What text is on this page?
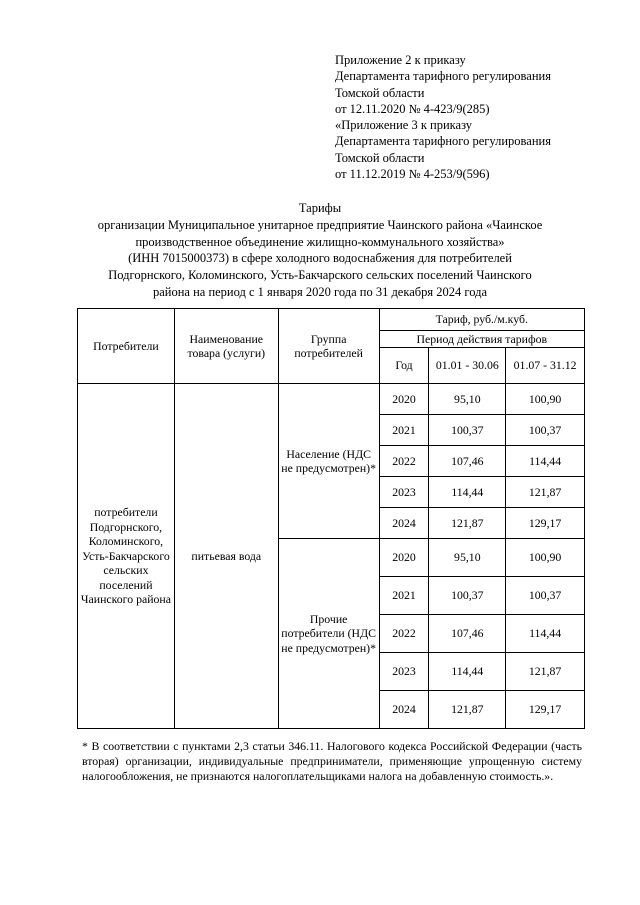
Приложение 2 к приказу
Департамента тарифного регулирования
Томской области
от 12.11.2020 № 4-423/9(285)
«Приложение 3 к приказу
Департамента тарифного регулирования
Томской области
от 11.12.2019 № 4-253/9(596)
Тарифы
организации Муниципальное унитарное предприятие Чаинского района «Чаинское
производственное объединение жилищно-коммунального хозяйства»
(ИНН 7015000373) в сфере холодного водоснабжения для потребителей
Подгорнского, Коломинского, Усть-Бакчарского сельских поселений Чаинского
района на период с 1 января 2020 года по 31 декабря 2024 года
Потребители	Наименование товара (услуги)	Группа потребителей	Тариф, руб./м.куб.		
			Период действия тарифов		
			Год	01.01 - 30.06	01.07 - 31.12
потребители Подгорнского, Коломинского, Усть-Бакчарского сельских поселений Чаинского района	питьевая вода	Население (НДС не предусмотрен)*	2020	95,10	100,90
			2021	100,37	100,37
			2022	107,46	114,44
			2023	114,44	121,87
			2024	121,87	129,17
		Прочие потребители (НДС не предусмотрен)*	2020	95,10	100,90
			2021	100,37	100,37
			2022	107,46	114,44
			2023	114,44	121,87
			2024	121,87	129,17
* В соответствии с пунктами 2,3 статьи 346.11. Налогового кодекса Российской Федерации (часть вторая) организации, индивидуальные предприниматели, применяющие упрощенную систему налогообложения, не признаются налогоплательщиками налога на добавленную стоимость.».
